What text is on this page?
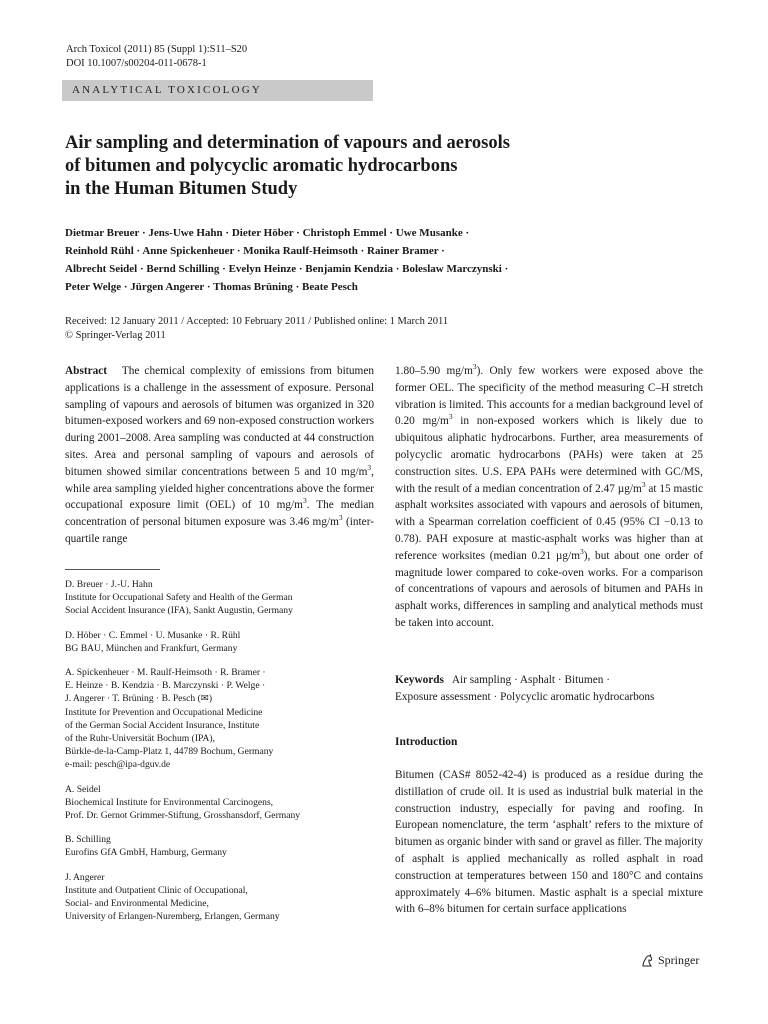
Arch Toxicol (2011) 85 (Suppl 1):S11–S20
DOI 10.1007/s00204-011-0678-1
ANALYTICAL TOXICOLOGY
Air sampling and determination of vapours and aerosols
of bitumen and polycyclic aromatic hydrocarbons
in the Human Bitumen Study
Dietmar Breuer · Jens-Uwe Hahn · Dieter Höber · Christoph Emmel · Uwe Musanke ·
Reinhold Rühl · Anne Spickenheuer · Monika Raulf-Heimsoth · Rainer Bramer ·
Albrecht Seidel · Bernd Schilling · Evelyn Heinze · Benjamin Kendzia · Boleslaw Marczynski ·
Peter Welge · Jürgen Angerer · Thomas Brüning · Beate Pesch
Received: 12 January 2011 / Accepted: 10 February 2011 / Published online: 1 March 2011
© Springer-Verlag 2011

Abstract The chemical complexity of emissions from bitumen applications is a challenge in the assessment of exposure. Personal sampling of vapours and aerosols of bitumen was organized in 320 bitumen-exposed workers and 69 non-exposed construction workers during 2001–2008. Area sampling was conducted at 44 construction sites. Area and personal sampling of vapours and aerosols of bitumen showed similar concentrations between 5 and 10 $mg/m^3$, while area sampling yielded higher concentrations above the former occupational exposure limit (OEL) of 10 $mg/m^3$. The median concentration of personal bitumen exposure was 3.46 $mg/m^3$ (inter-quartile range

D. Breuer · J.-U. Hahn
Institute for Occupational Safety and Health of the German
Social Accident Insurance (IFA), Sankt Augustin, Germany
D. Höber · C. Emmel · U. Musanke · R. Rühl
BG BAU, München and Frankfurt, Germany
A. Spickenheuer · M. Raulf-Heimsoth · R. Bramer ·
E. Heinze · B. Kendzia · B. Marczynski · P. Welge ·
J. Angerer · T. Brüning · B. Pesch (✉)
Institute for Prevention and Occupational Medicine
of the German Social Accident Insurance, Institute
of the Ruhr-Universität Bochum (IPA),
Bürkle-de-la-Camp-Platz 1, 44789 Bochum, Germany
e-mail: pesch@ipa-dguv.de
A. Seidel
Biochemical Institute for Environmental Carcinogens,
Prof. Dr. Gernot Grimmer-Stiftung, Grosshansdorf, Germany
B. Schilling
Eurofins GfA GmbH, Hamburg, Germany
J. Angerer
Institute and Outpatient Clinic of Occupational,
Social- and Environmental Medicine,
University of Erlangen-Nuremberg, Erlangen, Germany

1.80–5.90 $mg/m^3$). Only few workers were exposed above the former OEL. The specificity of the method measuring C–H stretch vibration is limited. This accounts for a median background level of 0.20 $mg/m^3$ in non-exposed workers which is likely due to ubiquitous aliphatic hydrocarbons. Further, area measurements of polycyclic aromatic hydrocarbons (PAHs) were taken at 25 construction sites. U.S. EPA PAHs were determined with GC/MS, with the result of a median concentration of 2.47 $\mu g/m^3$ at 15 mastic asphalt worksites associated with vapours and aerosols of bitumen, with a Spearman correlation coefficient of 0.45 (95% CI −0.13 to 0.78). PAH exposure at mastic-asphalt works was higher than at reference worksites (median 0.21 $\mu g/m^3$), but about one order of magnitude lower compared to coke-oven works. For a comparison of concentrations of vapours and aerosols of bitumen and PAHs in asphalt works, differences in sampling and analytical methods must be taken into account.

Keywords Air sampling · Asphalt · Bitumen ·
Exposure assessment · Polycyclic aromatic hydrocarbons
Introduction

Bitumen (CAS# 8052-42-4) is produced as a residue during the distillation of crude oil. It is used as industrial bulk material in the construction industry, especially for paving and roofing. In European nomenclature, the term ‘asphalt’ refers to the mixture of bitumen as organic binder with sand or gravel as filler. The majority of asphalt is applied mechanically as rolled asphalt in road construction at temperatures between 150 and 180°C and contains approximately 4–6% bitumen. Mastic asphalt is a special mixture with 6–8% bitumen for certain surface applications

Springer
